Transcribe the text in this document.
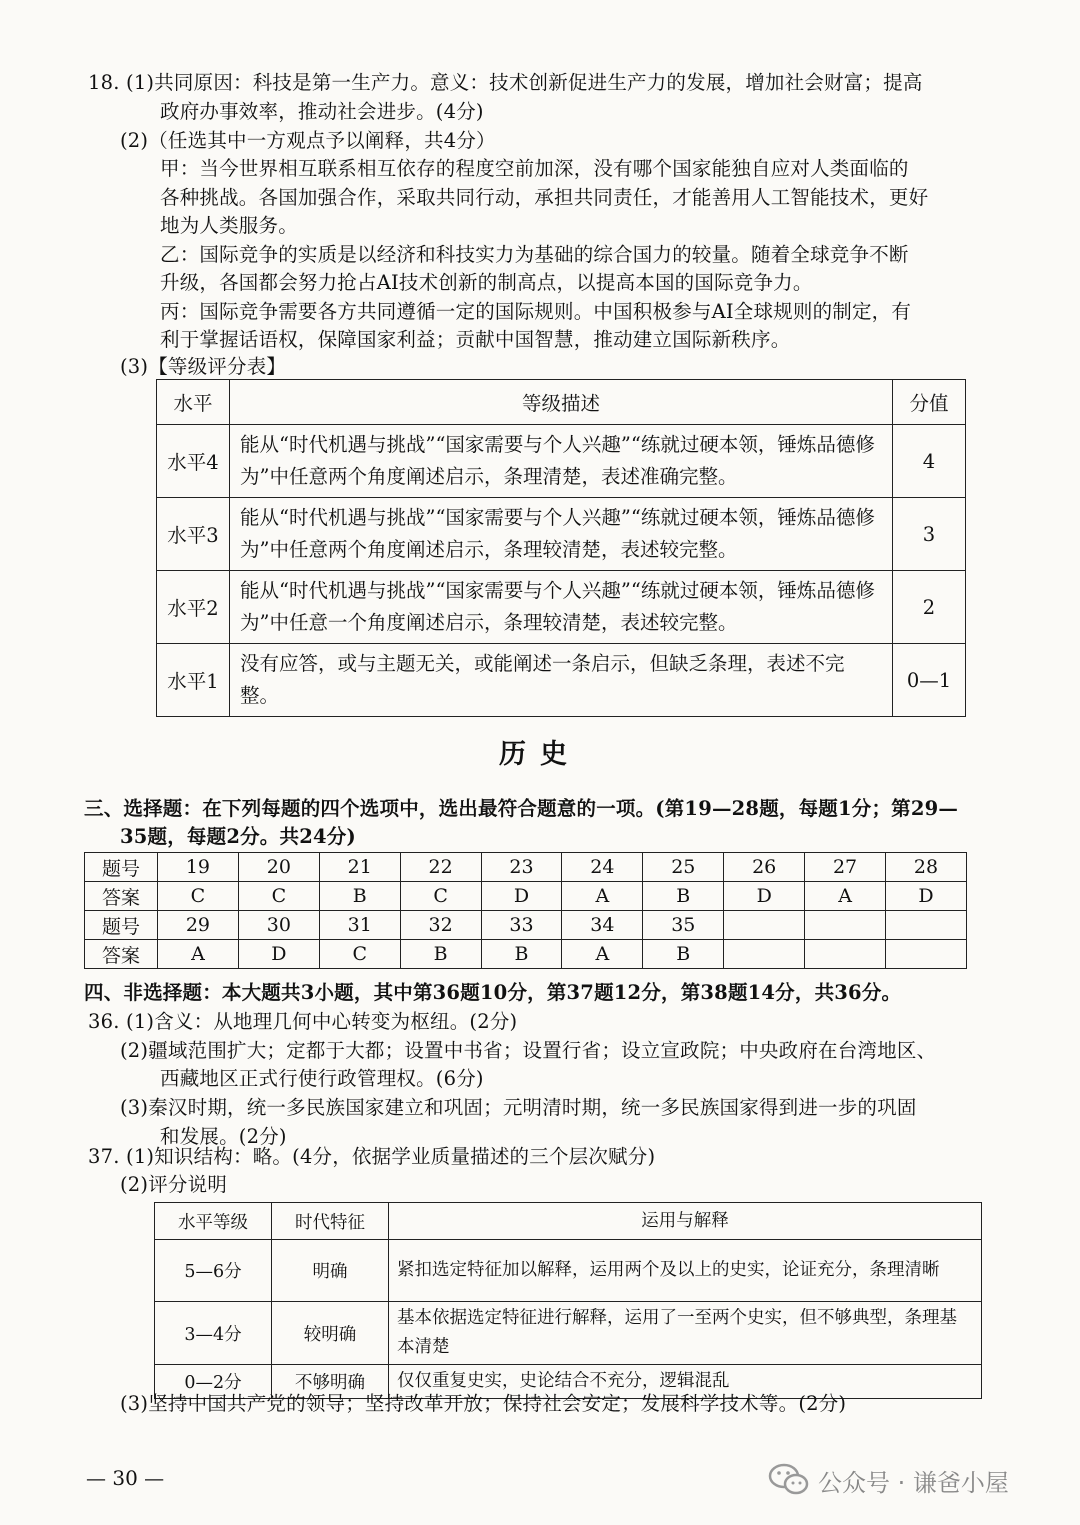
18. (1)共同原因：科技是第一生产力。意义：技术创新促进生产力的发展，增加社会财富；提高
政府办事效率，推动社会进步。(4分)
(2)（任选其中一方观点予以阐释，共4分）
甲：当今世界相互联系相互依存的程度空前加深，没有哪个国家能独自应对人类面临的
各种挑战。各国加强合作，采取共同行动，承担共同责任，才能善用人工智能技术，更好
地为人类服务。
乙：国际竞争的实质是以经济和科技实力为基础的综合国力的较量。随着全球竞争不断
升级，各国都会努力抢占AI技术创新的制高点，以提高本国的国际竞争力。
丙：国际竞争需要各方共同遵循一定的国际规则。中国积极参与AI全球规则的制定，有
利于掌握话语权，保障国家利益；贡献中国智慧，推动建立国际新秩序。
(3)【等级评分表】
水平	等级描述	分值
水平4	能从“时代机遇与挑战”“国家需要与个人兴趣”“练就过硬本领，锤炼品德修为”中任意两个角度阐述启示，条理清楚，表述准确完整。	4
水平3	能从“时代机遇与挑战”“国家需要与个人兴趣”“练就过硬本领，锤炼品德修为”中任意两个角度阐述启示，条理较清楚，表述较完整。	3
水平2	能从“时代机遇与挑战”“国家需要与个人兴趣”“练就过硬本领，锤炼品德修为”中任意一个角度阐述启示，条理较清楚，表述较完整。	2
水平1	没有应答，或与主题无关，或能阐述一条启示，但缺乏条理，表述不完整。	0—1
历史
三、选择题：在下列每题的四个选项中，选出最符合题意的一项。(第19—28题，每题1分；第29—
35题，每题2分。共24分)
题号	19	20	21	22	23	24	25	26	27	28
答案	C	C	B	C	D	A	B	D	A	D
题号	29	30	31	32	33	34	35			
答案	A	D	C	B	B	A	B			
四、非选择题：本大题共3小题，其中第36题10分，第37题12分，第38题14分，共36分。
36. (1)含义：从地理几何中心转变为枢纽。(2分)
(2)疆域范围扩大；定都于大都；设置中书省；设置行省；设立宣政院；中央政府在台湾地区、
西藏地区正式行使行政管理权。(6分)
(3)秦汉时期，统一多民族国家建立和巩固；元明清时期，统一多民族国家得到进一步的巩固
和发展。(2分)
37. (1)知识结构：略。(4分，依据学业质量描述的三个层次赋分)
(2)评分说明
水平等级	时代特征	运用与解释
5—6分	明确	紧扣选定特征加以解释，运用两个及以上的史实，论证充分，条理清晰
3—4分	较明确	基本依据选定特征进行解释，运用了一至两个史实，但不够典型，条理基本清楚
0—2分	不够明确	仅仅重复史实，史论结合不充分，逻辑混乱
(3)坚持中国共产党的领导；坚持改革开放；保持社会安定；发展科学技术等。(2分)
— 30 —	公众号 · 谦爸小屋
